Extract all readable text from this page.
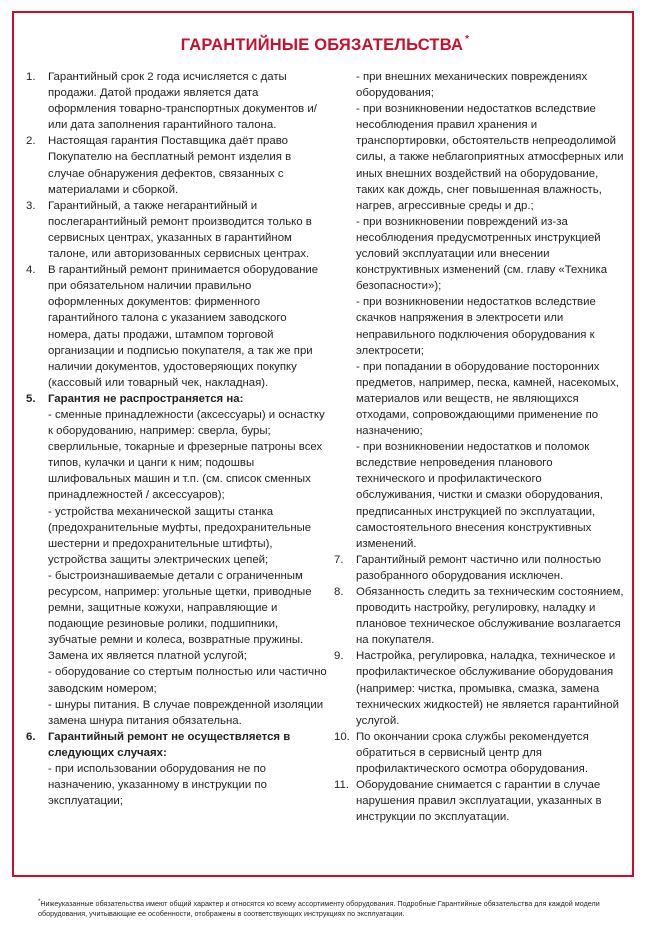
ГАРАНТИЙНЫЕ ОБЯЗАТЕЛЬСТВА *
1.	Гарантийный срок 2 года исчисляется с даты продажи. Датой продажи является дата оформления товарно-транспортных документов и/или дата заполнения гарантийного талона.
2.	Настоящая гарантия Поставщика даёт право Покупателю на бесплатный ремонт изделия в случае обнаружения дефектов, связанных с материалами и сборкой.
3.	Гарантийный, а также негарантийный и послегарантийный ремонт производится только в сервисных центрах, указанных в гарантийном талоне, или авторизованных сервисных центрах.
4.	В гарантийный ремонт принимается оборудование при обязательном наличии правильно оформленных документов: фирменного гарантийного талона с указанием заводского номера, даты продажи, штампом торговой организации и подписью покупателя, а так же при наличии документов, удостоверяющих покупку (кассовый или товарный чек, накладная).
5.	Гарантия не распространяется на:
- сменные принадлежности (аксессуары) и оснастку к оборудованию, например: сверла, буры; сверлильные, токарные и фрезерные патроны всех типов, кулачки и цанги к ним; подошвы шлифовальных машин и т.п. (см. список сменных принадлежностей / аксессуаров);
- устройства механической защиты станка (предохранительные муфты, предохранительные шестерни и предохранительные штифты), устройства защиты электрических цепей;
- быстроизнашиваемые детали с ограниченным ресурсом, например: угольные щетки, приводные ремни, защитные кожухи, направляющие и подающие резиновые ролики, подшипники, зубчатые ремни и колеса, возвратные пружины. Замена их является платной услугой;
- оборудование со стертым полностью или частично заводским номером;
- шнуры питания. В случае поврежденной изоляции замена шнура питания обязательна.
6.	Гарантийный ремонт не осуществляется в следующих случаях:
- при использовании оборудования не по назначению, указанному в инструкции по эксплуатации;
- при внешних механических повреждениях оборудования;
- при возникновении недостатков вследствие несоблюдения правил хранения и транспортировки, обстоятельств непреодолимой силы, а также неблагоприятных атмосферных или иных внешних воздействий на оборудование, таких как дождь, снег повышенная влажность, нагрев, агрессивные среды и др.;
- при возникновении повреждений из-за несоблюдения предусмотренных инструкцией условий эксплуатации или внесении конструктивных изменений (см. главу «Техника безопасности»);
- при возникновении недостатков вследствие скачков напряжения в электросети или неправильного подключения оборудования к электросети;
- при попадании в оборудование посторонних предметов, например, песка, камней, насекомых, материалов или веществ, не являющихся отходами, сопровождающими применение по назначению;
- при возникновении недостатков и поломок вследствие непроведения планового технического и профилактического обслуживания, чистки и смазки оборудования, предписанных инструкцией по эксплуатации, самостоятельного внесения конструктивных изменений.
7.	Гарантийный ремонт частично или полностью разобранного оборудования исключен.
8.	Обязанность следить за техническим состоянием, проводить настройку, регулировку, наладку и плановое техническое обслуживание возлагается на покупателя.
9.	Настройка, регулировка, наладка, техническое и профилактическое обслуживание оборудования (например: чистка, промывка, смазка, замена технических жидкостей) не является гарантийной услугой.
10. По окончании срока службы рекомендуется обратиться в сервисный центр для профилактического осмотра оборудования.
11. Оборудование снимается с гарантии в случае нарушения правил эксплуатации, указанных в инструкции по эксплуатации.
*Нижеуказанные обязательства имеют общий характер и относятся ко всему ассортименту оборудования. Подробные Гарантийные обязательства для каждой модели оборудования, учитывающие ее особенности, отображены в соответствующих инструкциях по эксплуатации.
